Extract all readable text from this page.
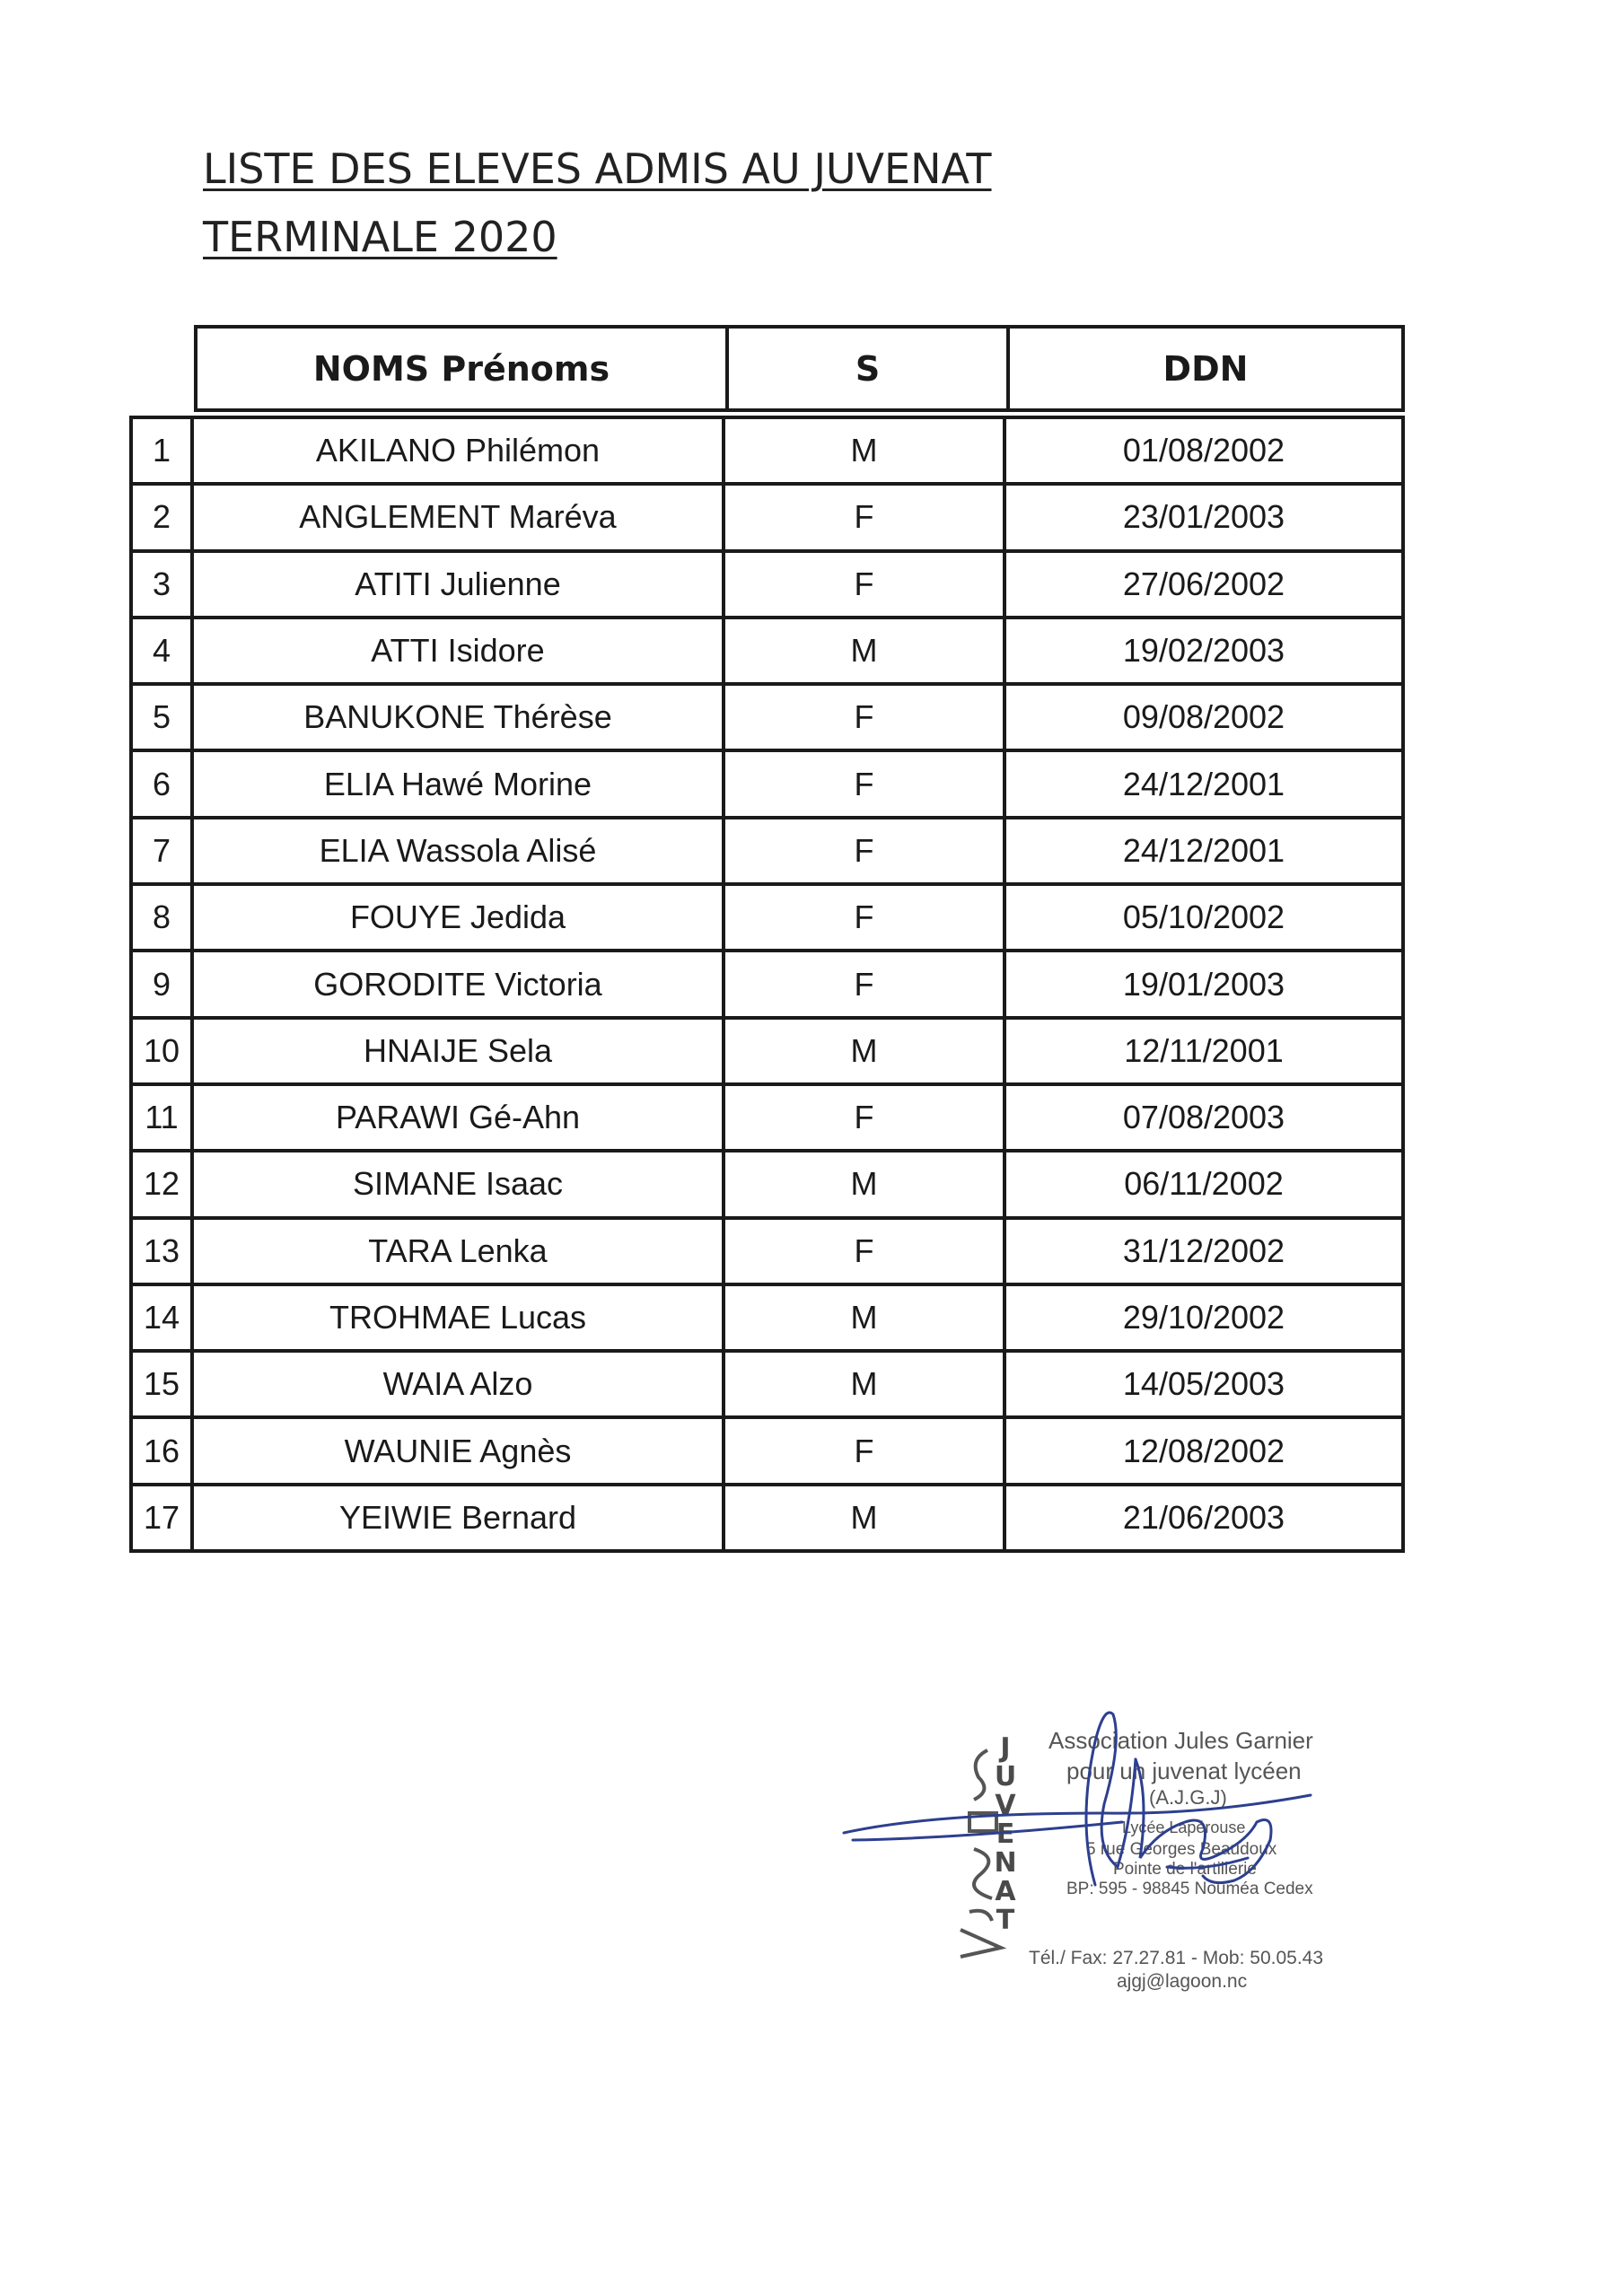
LISTE DES ELEVES ADMIS AU JUVENAT
TERMINALE 2020
NOMS Prénoms	S	DDN
1	AKILANO Philémon	M	01/08/2002
2	ANGLEMENT Maréva	F	23/01/2003
3	ATITI Julienne	F	27/06/2002
4	ATTI Isidore	M	19/02/2003
5	BANUKONE Thérèse	F	09/08/2002
6	ELIA Hawé Morine	F	24/12/2001
7	ELIA Wassola Alisé	F	24/12/2001
8	FOUYE Jedida	F	05/10/2002
9	GORODITE Victoria	F	19/01/2003
10	HNAIJE Sela	M	12/11/2001
11	PARAWI Gé-Ahn	F	07/08/2003
12	SIMANE Isaac	M	06/11/2002
13	TARA Lenka	F	31/12/2002
14	TROHMAE Lucas	M	29/10/2002
15	WAIA Alzo	M	14/05/2003
16	WAUNIE Agnès	F	12/08/2002
17	YEIWIE Bernard	M	21/06/2003
J
U
V
E
N
A
T
Association Jules Garnier
pour un juvenat lycéen
(A.J.G.J)
Lycée Lapérouse
5 rue Georges Beaudoux
Pointe de l'artillerie
BP: 595 - 98845 Nouméa Cedex
Tél./ Fax: 27.27.81 - Mob: 50.05.43
ajgj@lagoon.nc
